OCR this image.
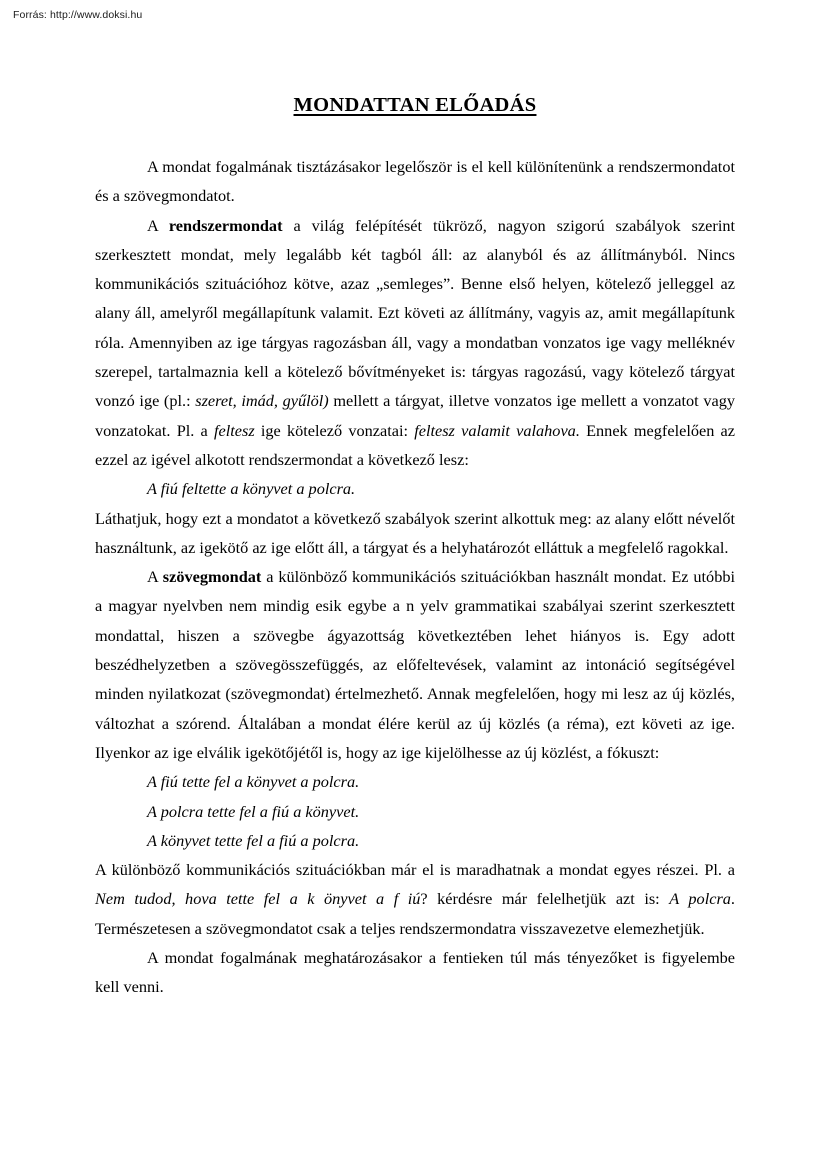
Forrás: http://www.doksi.hu
MONDATTAN ELŐADÁS

A mondat fogalmának tisztázásakor legelőször is el kell különítenünk a rendszermondatot és a szövegmondatot.

A rendszermondat a világ felépítését tükröző, nagyon szigorú szabályok szerint szerkesztett mondat, mely legalább két tagból áll: az alanyból és az állítmányból. Nincs kommunikációs szituációhoz kötve, azaz „semleges”. Benne első helyen, kötelező jelleggel az alany áll, amelyről megállapítunk valamit. Ezt követi az állítmány, vagyis az, amit megállapítunk róla. Amennyiben az ige tárgyas ragozásban áll, vagy a mondatban vonzatos ige vagy melléknév szerepel, tartalmaznia kell a kötelező bővítményeket is: tárgyas ragozású, vagy kötelező tárgyat vonzó ige (pl.: szeret, imád, gyűlöl) mellett a tárgyat, illetve vonzatos ige mellett a vonzatot vagy vonzatokat. Pl. a feltesz ige kötelező vonzatai: feltesz valamit valahova. Ennek megfelelően az ezzel az igével alkotott rendszermondat a következő lesz:

A fiú feltette a könyvet a polcra.

Láthatjuk, hogy ezt a mondatot a következő szabályok szerint alkottuk meg: az alany előtt névelőt használtunk, az igekötő az ige előtt áll, a tárgyat és a helyhatározót elláttuk a megfelelő ragokkal.

A szövegmondat a különböző kommunikációs szituációkban használt mondat. Ez utóbbi a magyar nyelvben nem mindig esik egybe a n yelv grammatikai szabályai szerint szerkesztett mondattal, hiszen a szövegbe ágyazottság következtében lehet hiányos is. Egy adott beszédhelyzetben a szövegösszefüggés, az előfeltevések, valamint az intonáció segítségével minden nyilatkozat (szövegmondat) értelmezhető. Annak megfelelően, hogy mi lesz az új közlés, változhat a szórend. Általában a mondat élére kerül az új közlés (a réma), ezt követi az ige. Ilyenkor az ige elválik igekötőjétől is, hogy az ige kijelölhesse az új közlést, a fókuszt:

A fiú tette fel a könyvet a polcra.

A polcra tette fel a fiú a könyvet.

A könyvet tette fel a fiú a polcra.

A különböző kommunikációs szituációkban már el is maradhatnak a mondat egyes részei. Pl. a Nem tudod, hova tette fel a k önyvet a f iú? kérdésre már felelhetjük azt is: A polcra. Természetesen a szövegmondatot csak a teljes rendszermondatra visszavezetve elemezhetjük.

A mondat fogalmának meghatározásakor a fentieken túl más tényezőket is figyelembe kell venni.
